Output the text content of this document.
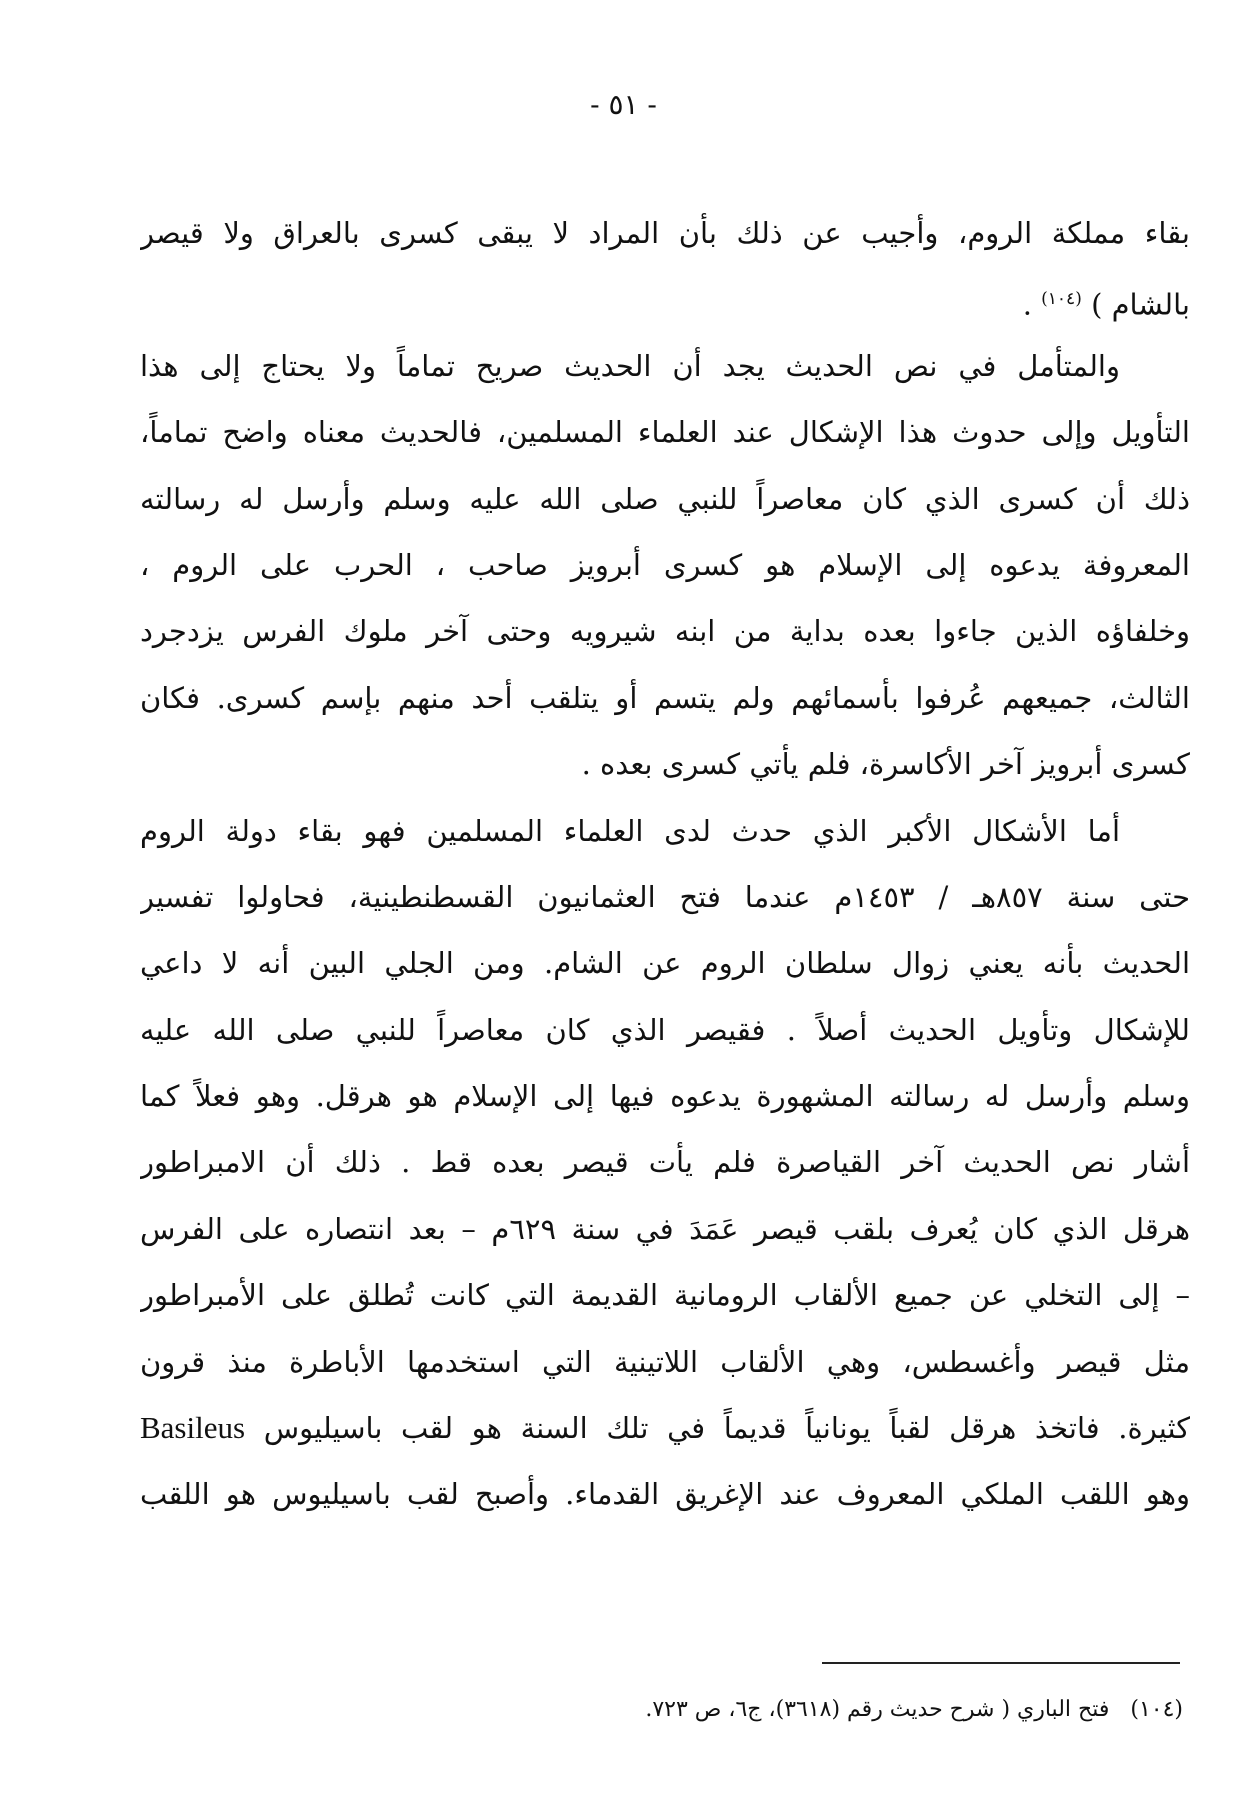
- ٥١ -
بقاء مملكة الروم، وأجيب عن ذلك بأن المراد لا يبقى كسرى بالعراق ولا قيصر
بالشام ) $^{(١٠٤)}$ .
والمتأمل في نص الحديث يجد أن الحديث صريح تماماً ولا يحتاج إلى هذا
التأويل وإلى حدوث هذا الإشكال عند العلماء المسلمين، فالحديث معناه واضح تماماً،
ذلك أن كسرى الذي كان معاصراً للنبي صلى الله عليه وسلم وأرسل له رسالته
المعروفة يدعوه إلى الإسلام هو كسرى أبرويز صاحب ، الحرب على الروم ،
وخلفاؤه الذين جاءوا بعده بداية من ابنه شيرويه وحتى آخر ملوك الفرس يزدجرد
الثالث، جميعهم عُرفوا بأسمائهم ولم يتسم أو يتلقب أحد منهم بإسم كسرى. فكان
كسرى أبرويز آخر الأكاسرة، فلم يأتي كسرى بعده .
أما الأشكال الأكبر الذي حدث لدى العلماء المسلمين فهو بقاء دولة الروم
حتى سنة ٨٥٧هـ / ١٤٥٣م عندما فتح العثمانيون القسطنطينية، فحاولوا تفسير
الحديث بأنه يعني زوال سلطان الروم عن الشام. ومن الجلي البين أنه لا داعي
للإشكال وتأويل الحديث أصلاً . فقيصر الذي كان معاصراً للنبي صلى الله عليه
وسلم وأرسل له رسالته المشهورة يدعوه فيها إلى الإسلام هو هرقل. وهو فعلاً كما
أشار نص الحديث آخر القياصرة فلم يأت قيصر بعده قط . ذلك أن الامبراطور
هرقل الذي كان يُعرف بلقب قيصر عَمَدَ في سنة ٦٢٩م – بعد انتصاره على الفرس
– إلى التخلي عن جميع الألقاب الرومانية القديمة التي كانت تُطلق على الأمبراطور
مثل قيصر وأغسطس، وهي الألقاب اللاتينية التي استخدمها الأباطرة منذ قرون
كثيرة. فاتخذ هرقل لقباً يونانياً قديماً في تلك السنة هو لقب باسيليوس Basileus
وهو اللقب الملكي المعروف عند الإغريق القدماء. وأصبح لقب باسيليوس هو اللقب
(١٠٤)   فتح الباري ( شرح حديث رقم (٣٦١٨)، ج٦، ص ٧٢٣.
